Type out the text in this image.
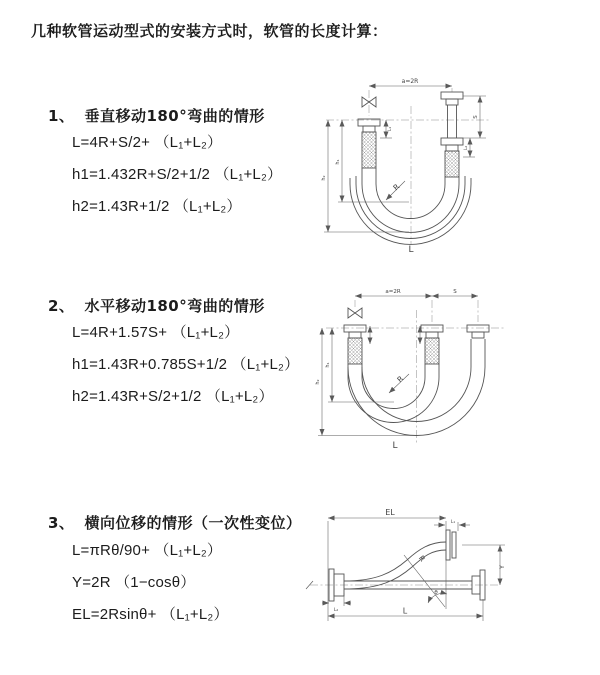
几种软管运动型式的安装方式时，软管的长度计算：
1、 垂直移动180°弯曲的情形
L=4R+S/2+ （L₁+L₂）
h1=1.432R+S/2+1/2 （L₁+L₂）
h2=1.43R+1/2 （L₁+L₂）
a=2R
S
L₂
L₁
h₁
h₂
R
L
2、 水平移动180°弯曲的情形
L=4R+1.57S+ （L₁+L₂）
h1=1.43R+0.785S+1/2 （L₁+L₂）
h2=1.43R+S/2+1/2 （L₁+L₂）
a=2R	S
h₁
h₂	R
L
3、 横向位移的情形（一次性变位）
L=πRθ/90+ （L₁+L₂）
Y=2R （1−cosθ）
EL=2Rsinθ+ （L₁+L₂）
EL
L₁
Y
L₂
R
θ
L
